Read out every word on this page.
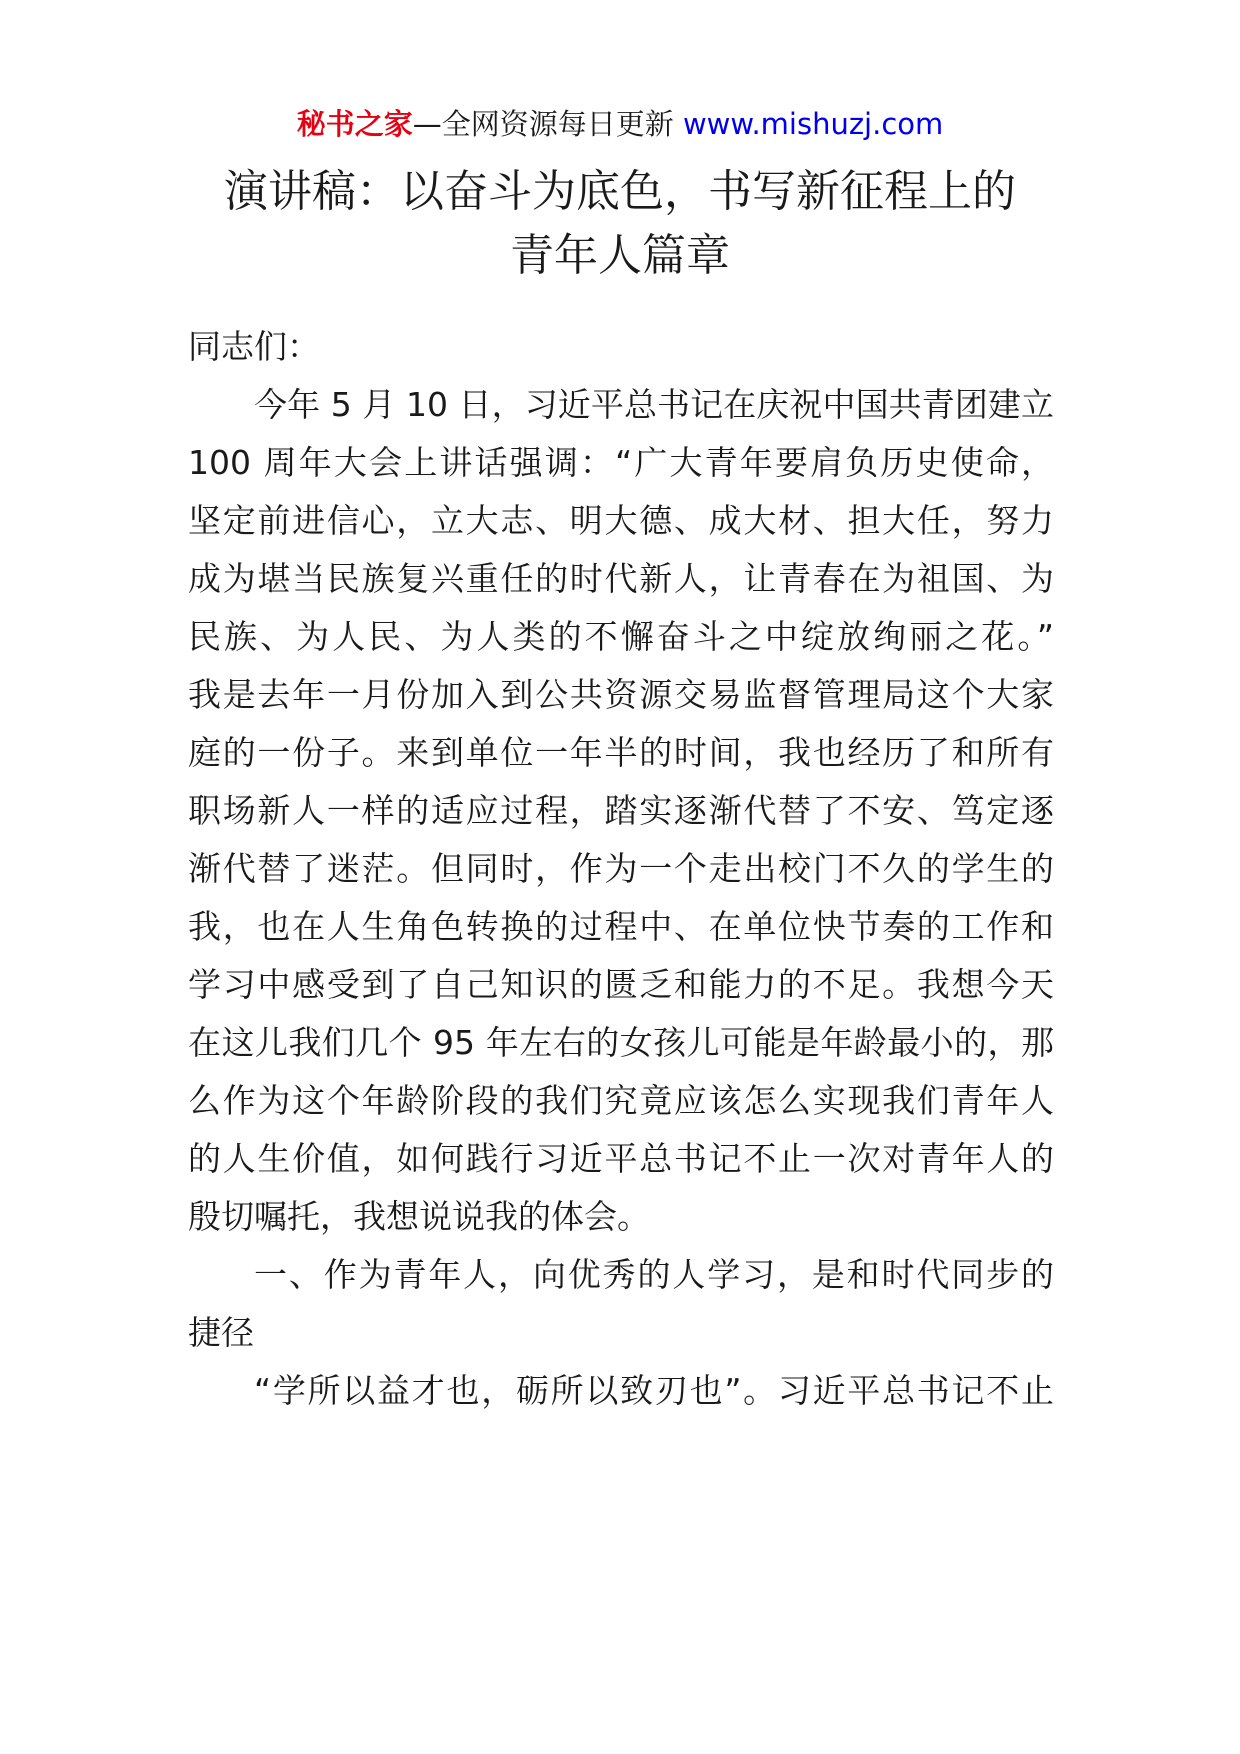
秘书之家—全网资源每日更新 www.mishuzj.com
演讲稿：以奋斗为底色，书写新征程上的
青年人篇章
同志们：
今年 5 月 10 日，习近平总书记在庆祝中国共青团建立
100 周年大会上讲话强调：“广大青年要肩负历史使命，
坚定前进信心，立大志、明大德、成大材、担大任，努力
成为堪当民族复兴重任的时代新人，让青春在为祖国、为
民族、为人民、为人类的不懈奋斗之中绽放绚丽之花。”
我是去年一月份加入到公共资源交易监督管理局这个大家
庭的一份子。来到单位一年半的时间，我也经历了和所有
职场新人一样的适应过程，踏实逐渐代替了不安、笃定逐
渐代替了迷茫。但同时，作为一个走出校门不久的学生的
我，也在人生角色转换的过程中、在单位快节奏的工作和
学习中感受到了自己知识的匮乏和能力的不足。我想今天
在这儿我们几个 95 年左右的女孩儿可能是年龄最小的，那
么作为这个年龄阶段的我们究竟应该怎么实现我们青年人
的人生价值，如何践行习近平总书记不止一次对青年人的
殷切嘱托，我想说说我的体会。
一、作为青年人，向优秀的人学习，是和时代同步的
捷径
“学所以益才也，砺所以致刃也”。习近平总书记不止
